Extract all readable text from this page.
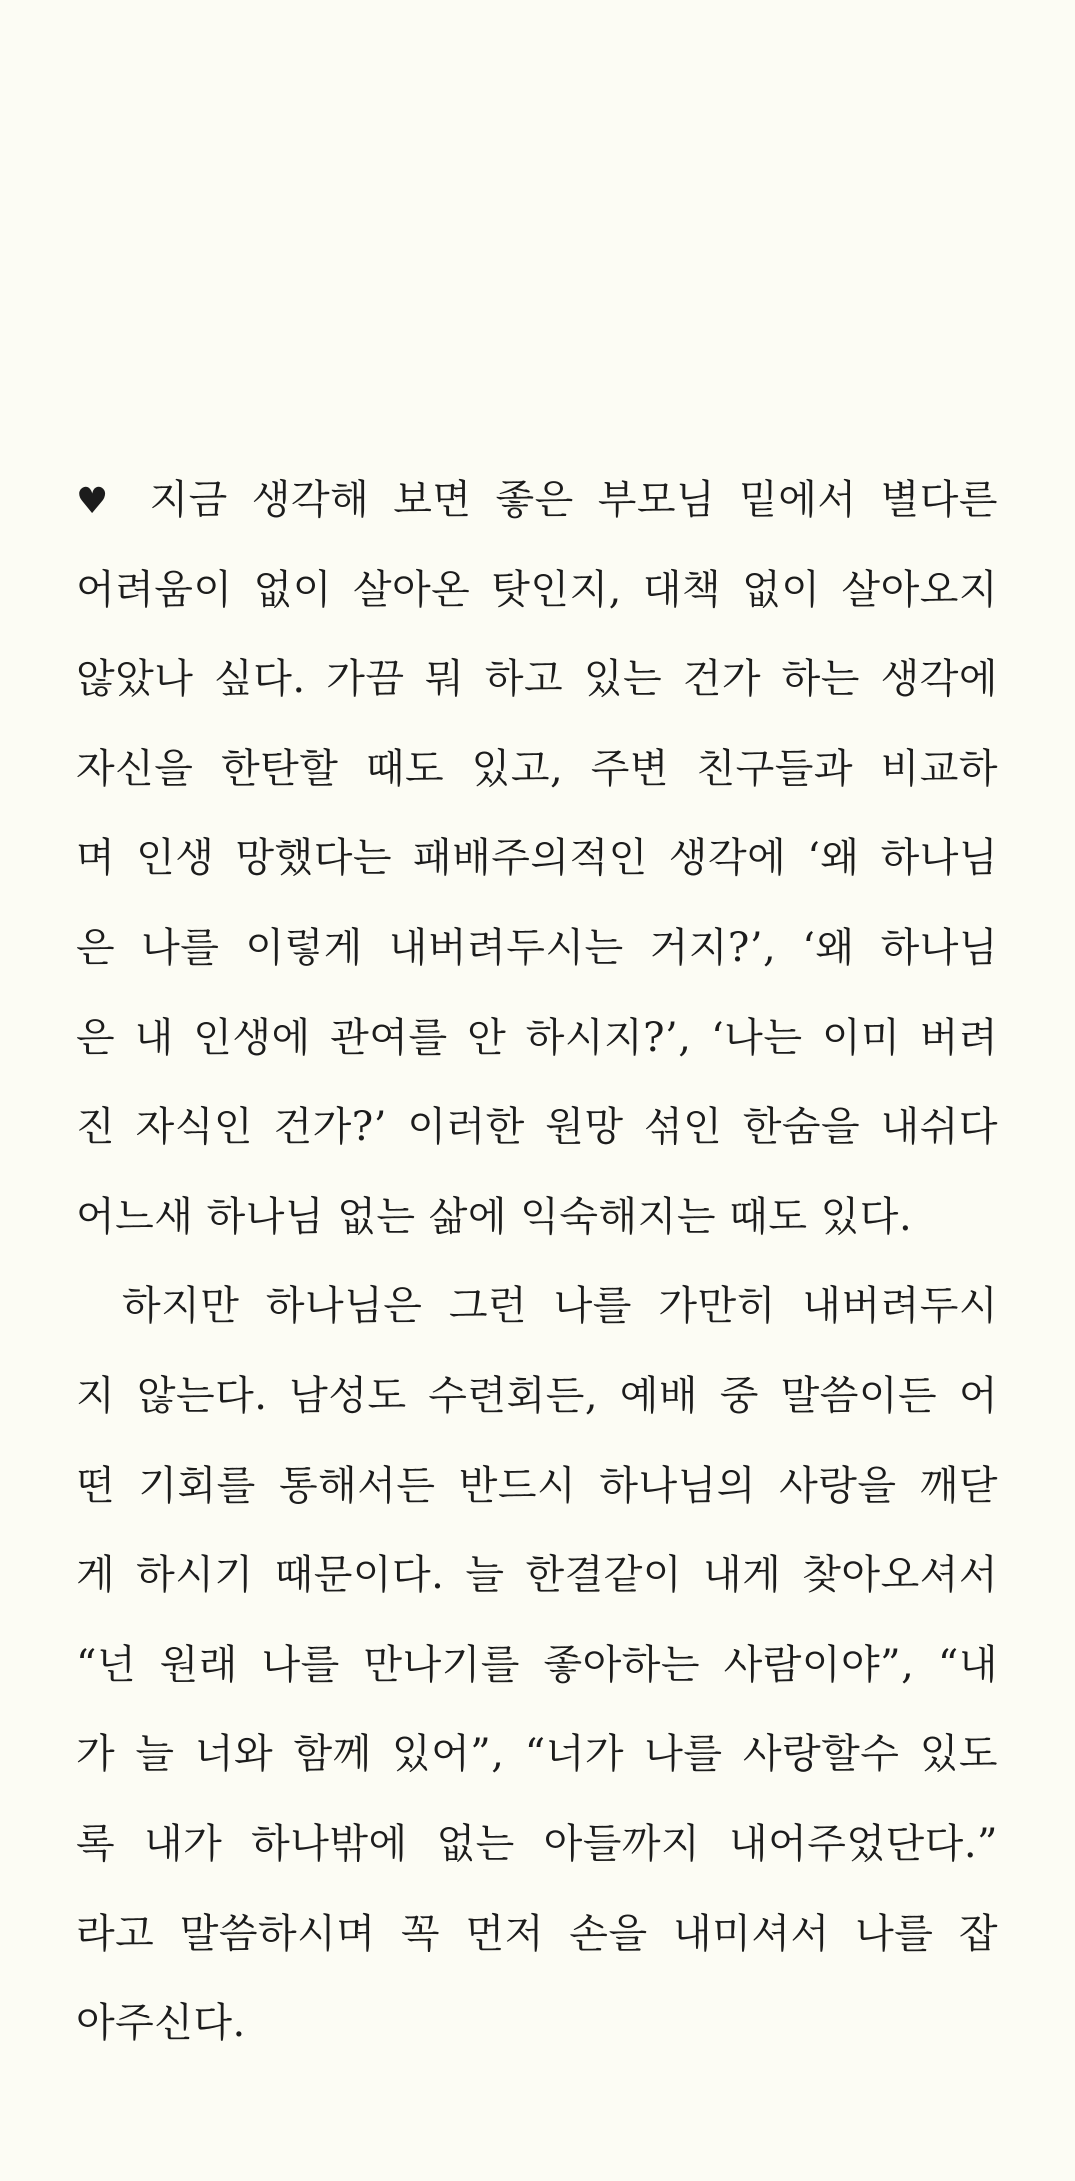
♥ 지금 생각해 보면 좋은 부모님 밑에서 별다른
어려움이 없이 살아온 탓인지, 대책 없이 살아오지
않았나 싶다. 가끔 뭐 하고 있는 건가 하는 생각에
자신을 한탄할 때도 있고, 주변 친구들과 비교하
며 인생 망했다는 패배주의적인 생각에 ‘왜 하나님
은 나를 이렇게 내버려두시는 거지?’, ‘왜 하나님
은 내 인생에 관여를 안 하시지?’, ‘나는 이미 버려
진 자식인 건가?’ 이러한 원망 섞인 한숨을 내쉬다
어느새 하나님 없는 삶에 익숙해지는 때도 있다.
하지만 하나님은 그런 나를 가만히 내버려두시
지 않는다. 남성도 수련회든, 예배 중 말씀이든 어
떤 기회를 통해서든 반드시 하나님의 사랑을 깨닫
게 하시기 때문이다. 늘 한결같이 내게 찾아오셔서
“넌 원래 나를 만나기를 좋아하는 사람이야”, “내
가 늘 너와 함께 있어”, “너가 나를 사랑할수 있도
록 내가 하나밖에 없는 아들까지 내어주었단다.”
라고 말씀하시며 꼭 먼저 손을 내미셔서 나를 잡
아주신다.
